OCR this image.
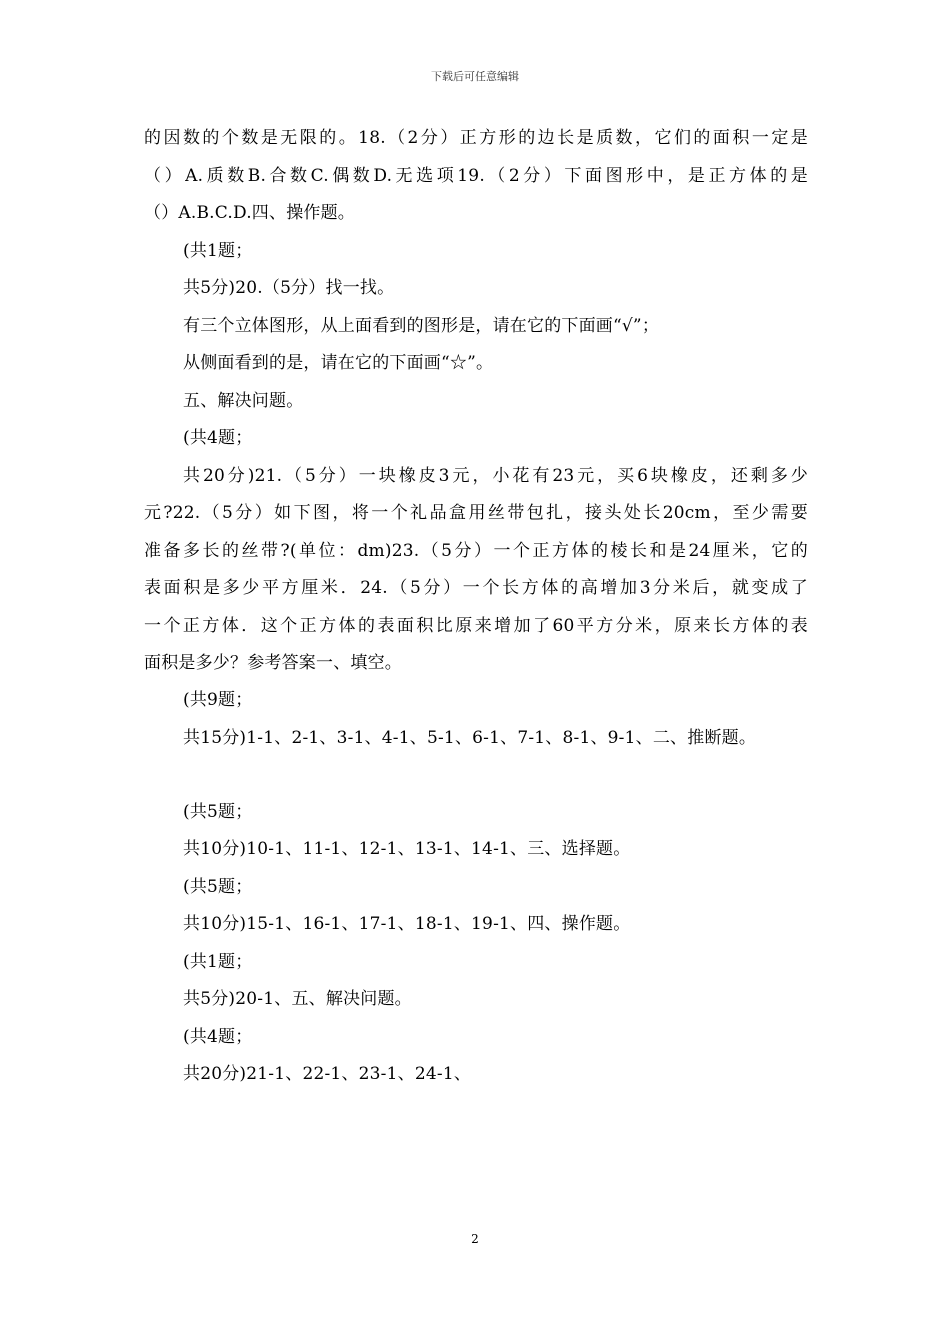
下载后可任意编辑
的因数的个数是无限的。18.（2分）正方形的边长是质数，它们的面积一定是
（）A.质数B.合数C.偶数D.无选项19.（2分）下面图形中，是正方体的是
（）A.B.C.D.四、操作题。
(共1题；
共5分)20.（5分）找一找。
有三个立体图形，从上面看到的图形是，请在它的下面画“√”；
从侧面看到的是，请在它的下面画“☆”。
五、解决问题。
(共4题；
共20分)21.（5分）一块橡皮3元，小花有23元，买6块橡皮，还剩多少
元?22.（5分）如下图，将一个礼品盒用丝带包扎，接头处长20cm，至少需要
准备多长的丝带?(单位：dm)23.（5分）一个正方体的棱长和是24厘米，它的
表面积是多少平方厘米．24.（5分）一个长方体的高增加3分米后，就变成了
一个正方体．这个正方体的表面积比原来增加了60平方分米，原来长方体的表
面积是多少？参考答案一、填空。
(共9题；
共15分)1-1、2-1、3-1、4-1、5-1、6-1、7-1、8-1、9-1、二、推断题。
(共5题；
共10分)10-1、11-1、12-1、13-1、14-1、三、选择题。
(共5题；
共10分)15-1、16-1、17-1、18-1、19-1、四、操作题。
(共1题；
共5分)20-1、五、解决问题。
(共4题；
共20分)21-1、22-1、23-1、24-1、
2
